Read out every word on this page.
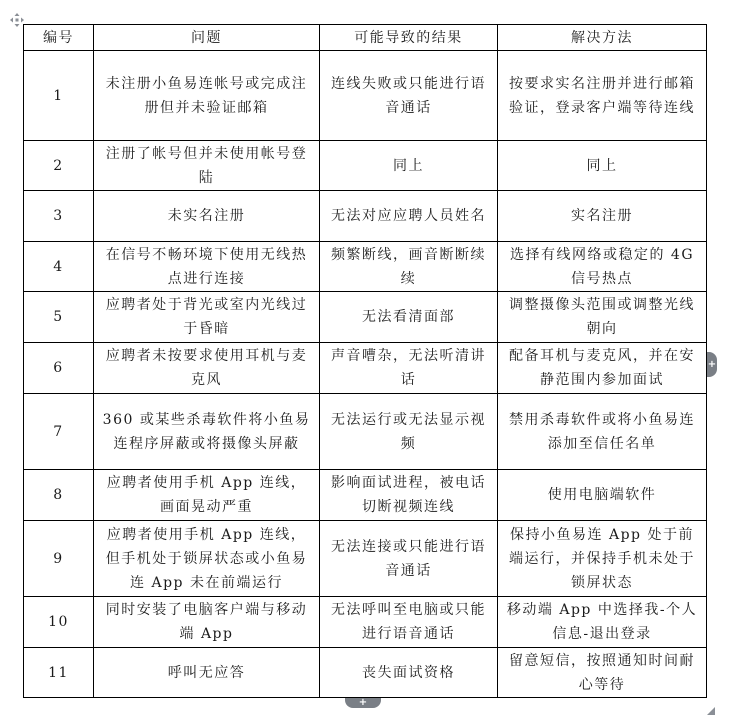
编号	问题	可能导致的结果	解决方法
1	未注册小鱼易连帐号或完成注册但并未验证邮箱	连线失败或只能进行语音通话	按要求实名注册并进行邮箱验证，登录客户端等待连线
2	注册了帐号但并未使用帐号登陆	同上	同上
3	未实名注册	无法对应应聘人员姓名	实名注册
4	在信号不畅环境下使用无线热点进行连接	频繁断线，画音断断续续	选择有线网络或稳定的 4G 信号热点
5	应聘者处于背光或室内光线过于昏暗	无法看清面部	调整摄像头范围或调整光线朝向
6	应聘者未按要求使用耳机与麦克风	声音嘈杂，无法听清讲话	配备耳机与麦克风，并在安静范围内参加面试
7	360 或某些杀毒软件将小鱼易连程序屏蔽或将摄像头屏蔽	无法运行或无法显示视频	禁用杀毒软件或将小鱼易连添加至信任名单
8	应聘者使用手机 App 连线，画面晃动严重	影响面试进程，被电话切断视频连线	使用电脑端软件
9	应聘者使用手机 App 连线，但手机处于锁屏状态或小鱼易连 App 未在前端运行	无法连接或只能进行语音通话	保持小鱼易连 App 处于前端运行，并保持手机未处于锁屏状态
10	同时安装了电脑客户端与移动端 App	无法呼叫至电脑或只能进行语音通话	移动端 App 中选择我-个人信息-退出登录
11	呼叫无应答	丧失面试资格	留意短信，按照通知时间耐心等待
+
+
